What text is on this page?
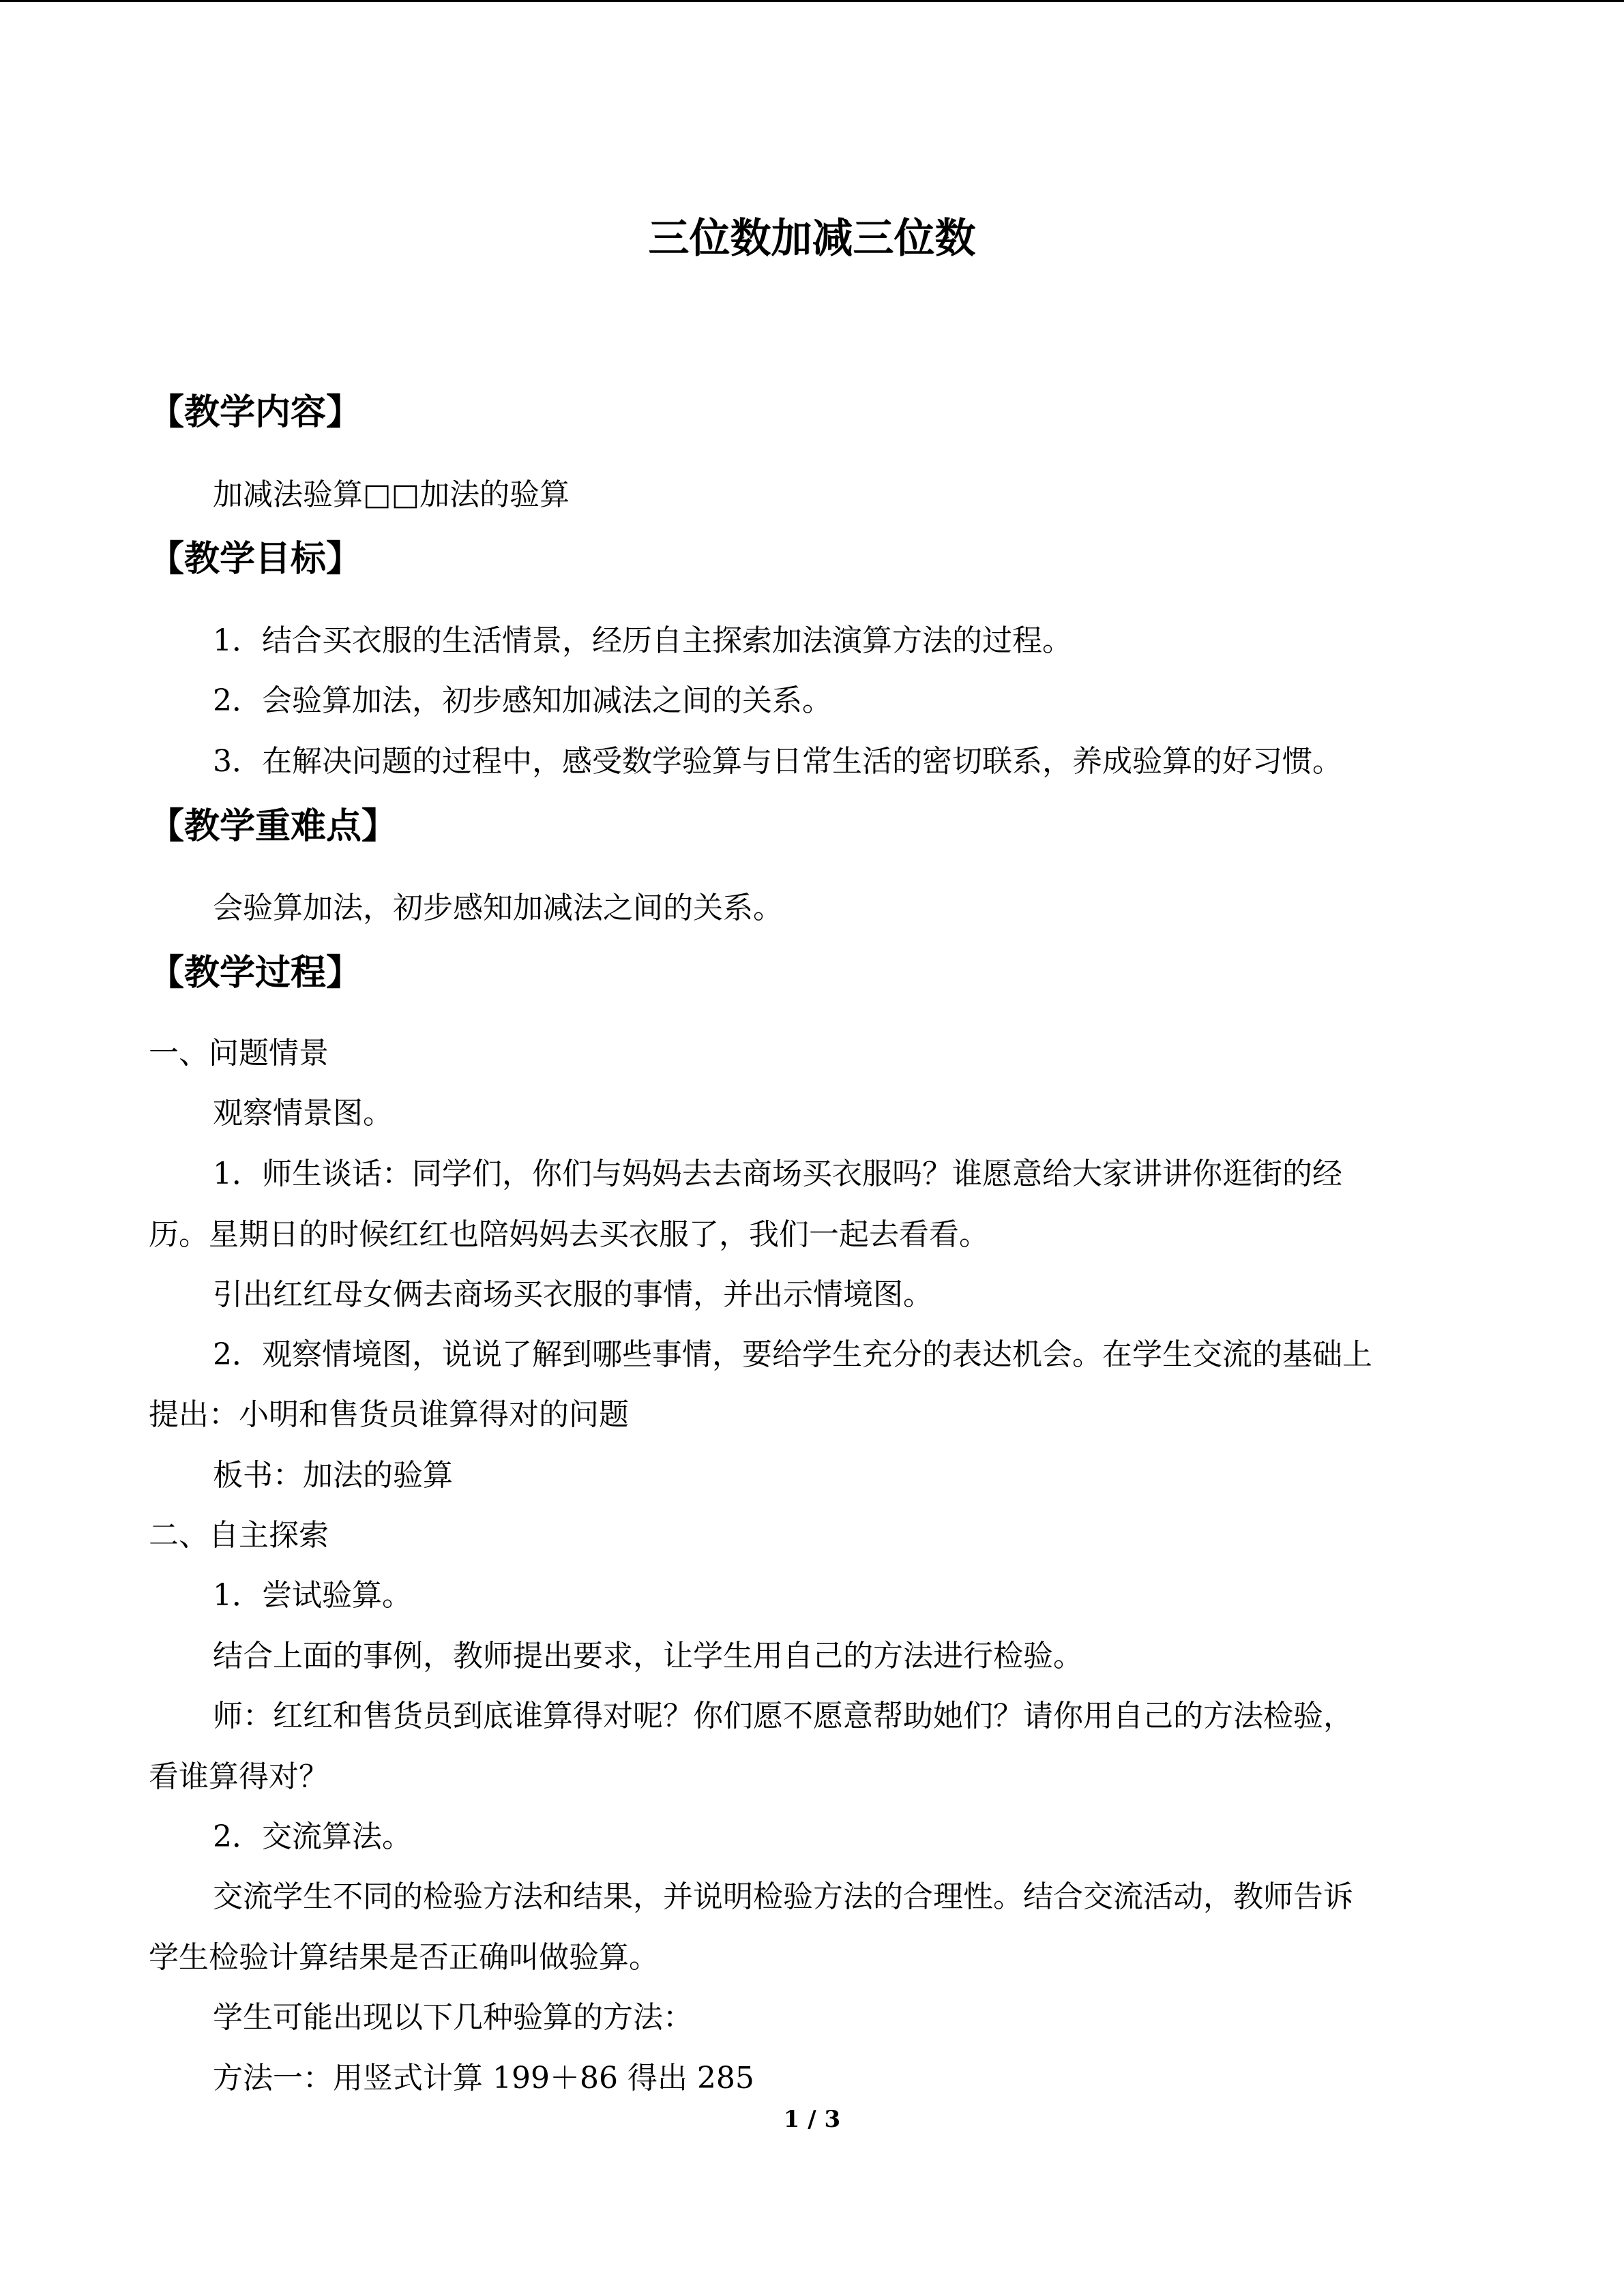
三位数加减三位数
【教学内容】
加减法验算□□加法的验算
【教学目标】
1．结合买衣服的生活情景，经历自主探索加法演算方法的过程。
2．会验算加法，初步感知加减法之间的关系。
3．在解决问题的过程中，感受数学验算与日常生活的密切联系，养成验算的好习惯。
【教学重难点】
会验算加法，初步感知加减法之间的关系。
【教学过程】
一、问题情景
观察情景图。
1．师生谈话：同学们，你们与妈妈去去商场买衣服吗？谁愿意给大家讲讲你逛街的经
历。星期日的时候红红也陪妈妈去买衣服了，我们一起去看看。
引出红红母女俩去商场买衣服的事情，并出示情境图。
2．观察情境图，说说了解到哪些事情，要给学生充分的表达机会。在学生交流的基础上
提出：小明和售货员谁算得对的问题
板书：加法的验算
二、自主探索
1．尝试验算。
结合上面的事例，教师提出要求，让学生用自己的方法进行检验。
师：红红和售货员到底谁算得对呢？你们愿不愿意帮助她们？请你用自己的方法检验，
看谁算得对？
2．交流算法。
交流学生不同的检验方法和结果，并说明检验方法的合理性。结合交流活动，教师告诉
学生检验计算结果是否正确叫做验算。
学生可能出现以下几种验算的方法：
方法一：用竖式计算 199＋86 得出 285
1 / 3
